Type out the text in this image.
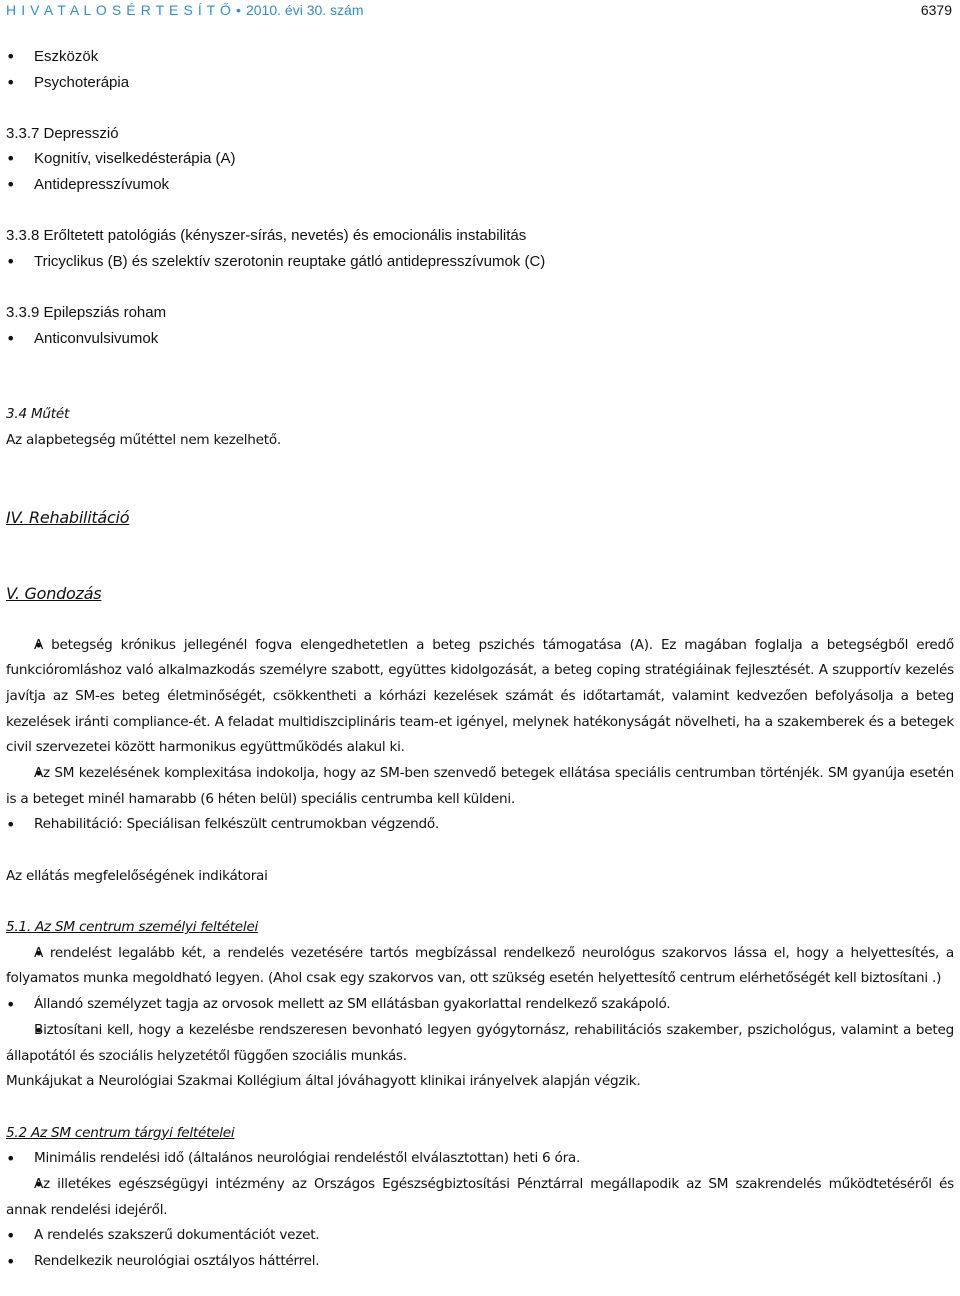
H I V A T A L O S É R T E S Í T Ő • 2010. évi 30. szám	6379
• Eszközök
• Psychoterápia
3.3.7 Depresszió
• Kognitív, viselkedésterápia (A)
• Antidepresszívumok
3.3.8 Erőltetett patológiás (kényszer-sírás, nevetés) és emocionális instabilitás
• Tricyclikus (B) és szelektív szerotonin reuptake gátló antidepresszívumok (C)
3.3.9 Epilepsziás roham
• Anticonvulsivumok
3.4 Műtét
Az alapbetegség műtéttel nem kezelhető.
IV. Rehabilitáció
V. Gondozás
• A betegség krónikus jellegénél fogva elengedhetetlen a beteg pszichés támogatása (A). Ez magában foglalja a betegségből eredő funkcióromláshoz való alkalmazkodás személyre szabott, együttes kidolgozását, a beteg coping stratégiáinak fejlesztését. A szupportív kezelés javítja az SM-es beteg életminőségét, csökkentheti a kórházi kezelések számát és időtartamát, valamint kedvezően befolyásolja a beteg kezelések iránti compliance-ét. A feladat multidiszciplináris team-et igényel, melynek hatékonyságát növelheti, ha a szakemberek és a betegek civil szervezetei között harmonikus együttműködés alakul ki.
• Az SM kezelésének komplexitása indokolja, hogy az SM-ben szenvedő betegek ellátása speciális centrumban történjék. SM gyanúja esetén is a beteget minél hamarabb (6 héten belül) speciális centrumba kell küldeni.
• Rehabilitáció: Speciálisan felkészült centrumokban végzendő.
Az ellátás megfelelőségének indikátorai
5.1. Az SM centrum személyi feltételei
• A rendelést legalább két, a rendelés vezetésére tartós megbízással rendelkező neurológus szakorvos lássa el, hogy a helyettesítés, a folyamatos munka megoldható legyen. (Ahol csak egy szakorvos van, ott szükség esetén helyettesítő centrum elérhetőségét kell biztosítani .)
• Állandó személyzet tagja az orvosok mellett az SM ellátásban gyakorlattal rendelkező szakápoló.
• Biztosítani kell, hogy a kezelésbe rendszeresen bevonható legyen gyógytornász, rehabilitációs szakember, pszichológus, valamint a beteg állapotától és szociális helyzetétől függően szociális munkás.
Munkájukat a Neurológiai Szakmai Kollégium által jóváhagyott klinikai irányelvek alapján végzik.
5.2 Az SM centrum tárgyi feltételei
• Minimális rendelési idő (általános neurológiai rendeléstől elválasztottan) heti 6 óra.
• Az illetékes egészségügyi intézmény az Országos Egészségbiztosítási Pénztárral megállapodik az SM szakrendelés működtetéséről és annak rendelési idejéről.
• A rendelés szakszerű dokumentációt vezet.
• Rendelkezik neurológiai osztályos háttérrel.
